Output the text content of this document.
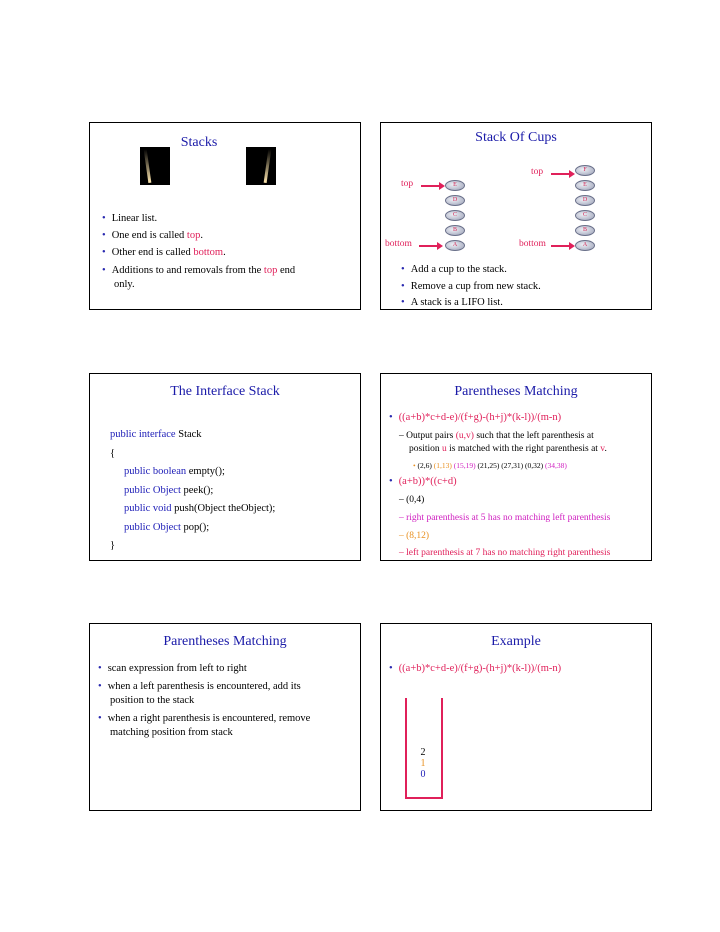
Stacks
• Linear list.
• One end is called top.
• Other end is called bottom.
• Additions to and removals from the top end
only.
Stack Of Cups
top	E
D
C
B
A
bottom
top	F
E
D
C
B
A
bottom
• Add a cup to the stack.
• Remove a cup from new stack.
• A stack is a LIFO list.
The Interface Stack
public interface Stack
{
public boolean empty();
public Object peek();
public void push(Object theObject);
public Object pop();
}
Parentheses Matching
• ((a+b)*c+d-e)/(f+g)-(h+j)*(k-l))/(m-n)
– Output pairs (u,v) such that the left parenthesis at
position u is matched with the right parenthesis at v.
• (2,6) (1,13) (15,19) (21,25) (27,31) (0,32) (34,38)
• (a+b))*((c+d)
– (0,4)
– right parenthesis at 5 has no matching left parenthesis
– (8,12)
– left parenthesis at 7 has no matching right parenthesis
Parentheses Matching
• scan expression from left to right
• when a left parenthesis is encountered, add its
position to the stack
• when a right parenthesis is encountered, remove
matching position from stack
Example
• ((a+b)*c+d-e)/(f+g)-(h+j)*(k-l))/(m-n)
2
1
0
